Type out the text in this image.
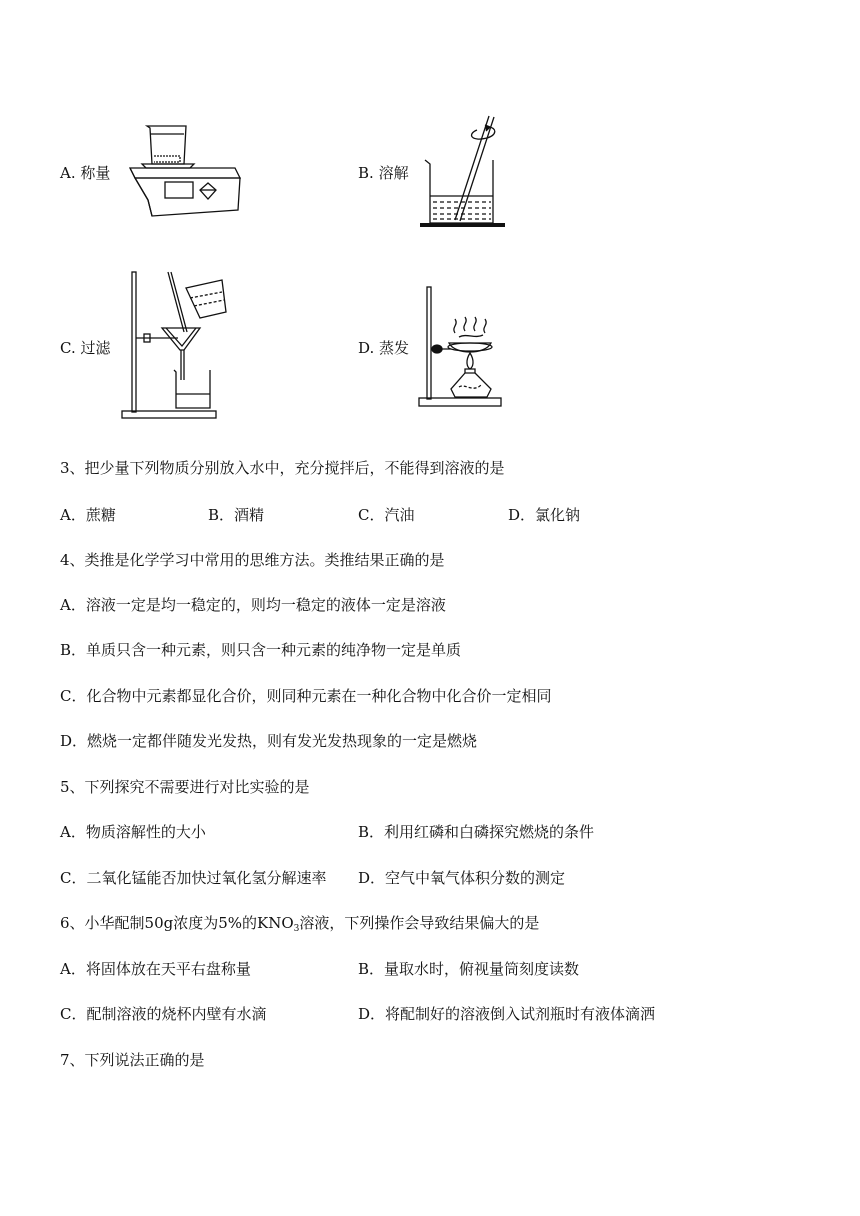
A. 称量	B. 溶解
C. 过滤	D. 蒸发
3、把少量下列物质分别放入水中，充分搅拌后，不能得到溶液的是
A．蔗糖	B．酒精	C．汽油	D．氯化钠
4、类推是化学学习中常用的思维方法。类推结果正确的是
A．溶液一定是均一稳定的，则均一稳定的液体一定是溶液
B．单质只含一种元素，则只含一种元素的纯净物一定是单质
C．化合物中元素都显化合价，则同种元素在一种化合物中化合价一定相同
D．燃烧一定都伴随发光发热，则有发光发热现象的一定是燃烧
5、下列探究不需要进行对比实验的是
A．物质溶解性的大小	B．利用红磷和白磷探究燃烧的条件
C．二氧化锰能否加快过氧化氢分解速率 D．空气中氧气体积分数的测定
6、小华配制50g浓度为5%的$KNO_3$溶液，下列操作会导致结果偏大的是
A．将固体放在天平右盘称量	B．量取水时，俯视量筒刻度读数
C．配制溶液的烧杯内壁有水滴	D．将配制好的溶液倒入试剂瓶时有液体滴洒
7、下列说法正确的是
